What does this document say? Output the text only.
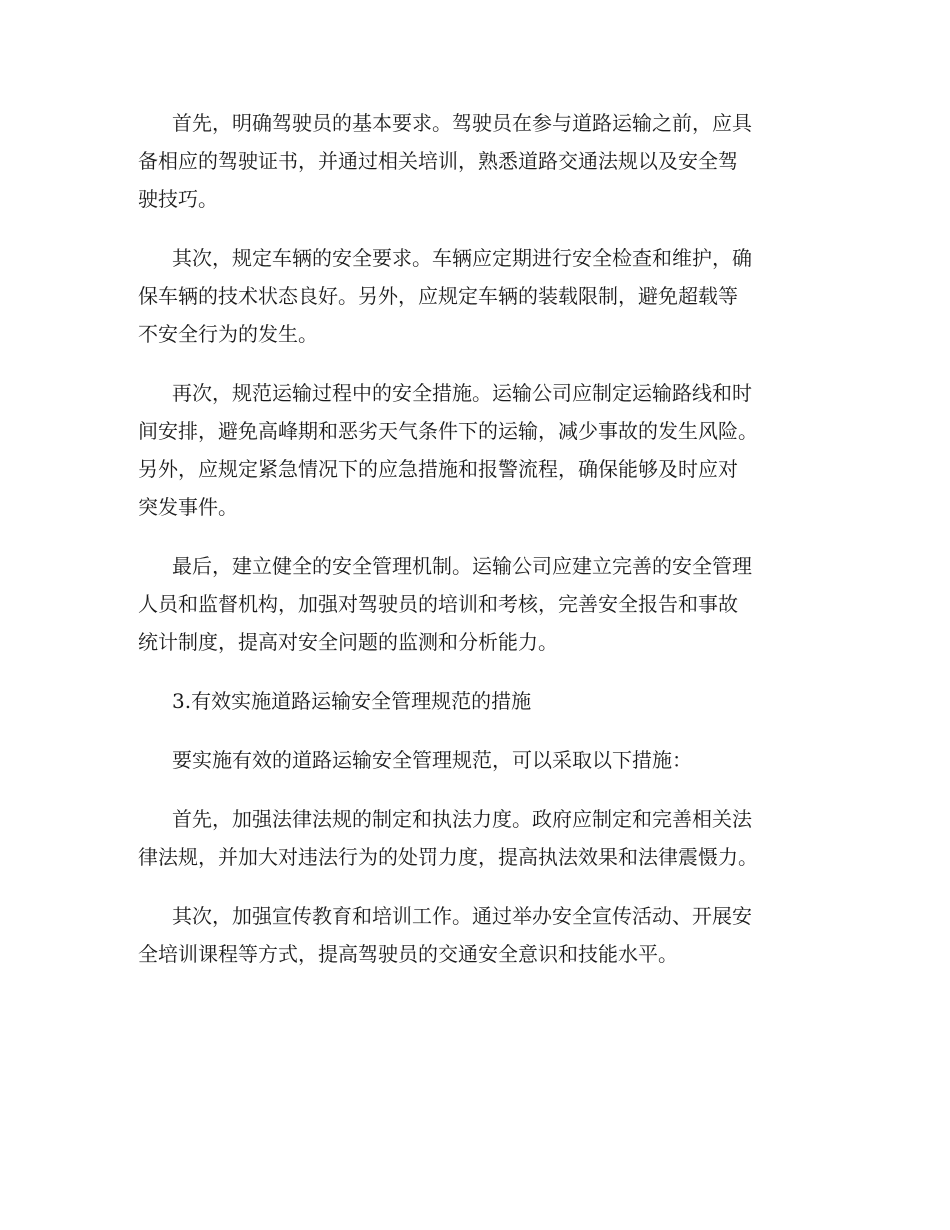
首先，明确驾驶员的基本要求。驾驶员在参与道路运输之前，应具
备相应的驾驶证书，并通过相关培训，熟悉道路交通法规以及安全驾
驶技巧。

其次，规定车辆的安全要求。车辆应定期进行安全检查和维护，确
保车辆的技术状态良好。另外，应规定车辆的装载限制，避免超载等
不安全行为的发生。

再次，规范运输过程中的安全措施。运输公司应制定运输路线和时
间安排，避免高峰期和恶劣天气条件下的运输，减少事故的发生风险。
另外，应规定紧急情况下的应急措施和报警流程，确保能够及时应对
突发事件。

最后，建立健全的安全管理机制。运输公司应建立完善的安全管理
人员和监督机构，加强对驾驶员的培训和考核，完善安全报告和事故
统计制度，提高对安全问题的监测和分析能力。

3.有效实施道路运输安全管理规范的措施

要实施有效的道路运输安全管理规范，可以采取以下措施：

首先，加强法律法规的制定和执法力度。政府应制定和完善相关法
律法规，并加大对违法行为的处罚力度，提高执法效果和法律震慑力。

其次，加强宣传教育和培训工作。通过举办安全宣传活动、开展安
全培训课程等方式，提高驾驶员的交通安全意识和技能水平。
